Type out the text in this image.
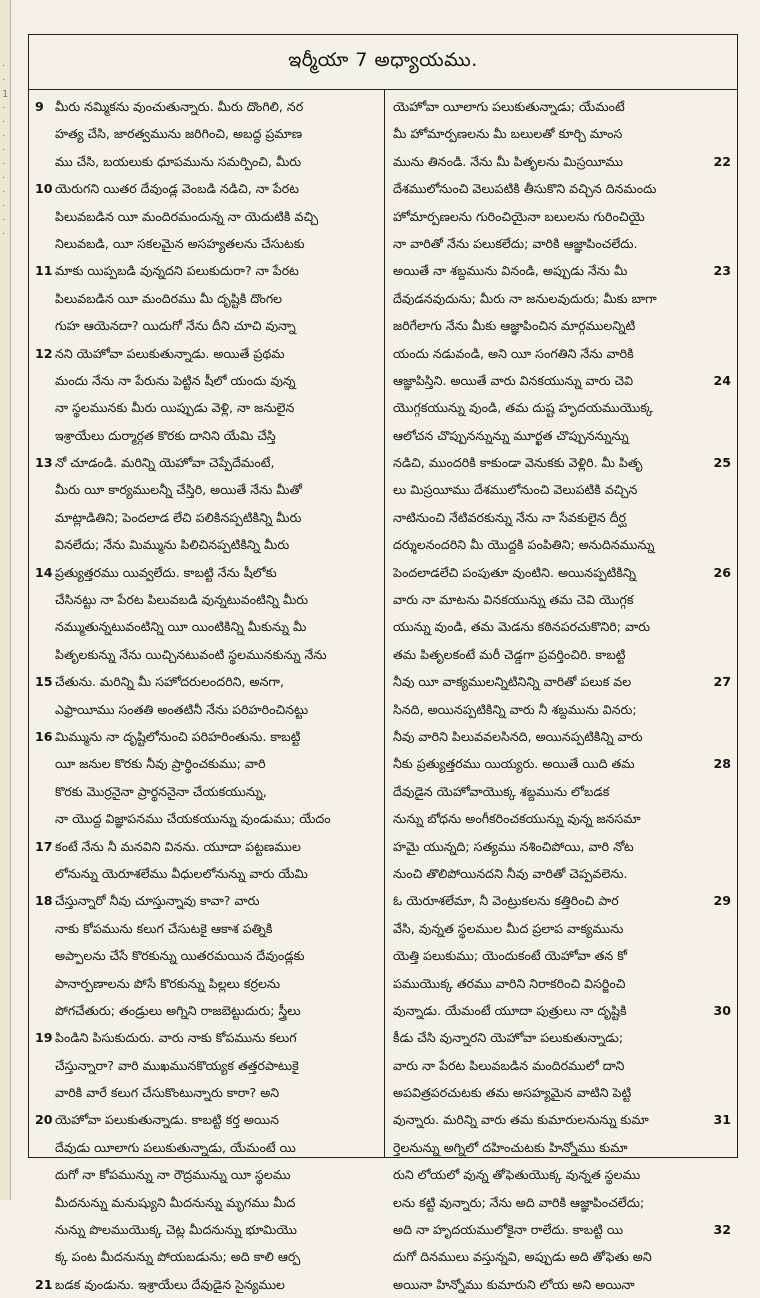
·
·
1
·
·
·
·
·
·
·
·
·
·
ఇర్మీయా 7 అధ్యాయము.
9 మీరు నమ్మికను వుంచుతున్నారు. మీరు దొంగిలి, నర
హత్య చేసి, జారత్వమును జరిగించి, అబద్ధ ప్రమాణ
ము చేసి, బయలుకు ధూపమును సమర్పించి, మీరు
10 యెరుగని యితర దేవుండ్ల వెంబడి నడిచి, నా పేరట
పిలువబడిన యీ మందిరమందున్న నా యెదుటికి వచ్చి
నిలువబడి, యీ సకలమైన అసహ్యతలను చేసుటకు
11 మాకు యిప్పబడి వున్నదని పలుకుదురా? నా పేరట
పిలువబడిన యీ మందిరము మీ దృష్టికి దొంగల
గుహ ఆయెనదా? యిదుగో నేను దీని చూచి వున్నా
12 నని యెహోవా పలుకుతున్నాడు. అయితే ప్రథమ
మందు నేను నా పేరును పెట్టిన షీలో యందు వున్న
నా స్థలమునకు మీరు యిప్పుడు వెళ్లి, నా జనులైన
ఇశ్రాయేలు దుర్మార్గత కొరకు దానిని యేమి చేస్తి
13 నో చూడండి. మరిన్ని యెహోవా చెప్పేదేమంటే,
మీరు యీ కార్యములన్నీ చేస్తిరి, అయితే నేను మీతో
మాట్లాడితిని; పెందలాడ లేచి పలికినప్పటికిన్ని మీరు
వినలేదు; నేను మిమ్మును పిలిచినప్పటికిన్ని మీరు
14 ప్రత్యుత్తరము యివ్వలేదు. కాబట్టి నేను షీలోకు
చేసినట్టు నా పేరట పిలువబడి వున్నటువంటిన్ని మీరు
నమ్ముతున్నటువంటిన్ని యీ యింటికిన్ని మీకున్ను మీ
పితృలకున్ను నేను యిచ్చినటువంటి స్థలమునకున్ను నేను
15 చేతును. మరిన్ని మీ సహోదరులందరిని, అనగా,
ఎఫ్రాయీము సంతతి అంతటినీ నేను పరిహరించినట్టు
16 మిమ్మును నా దృష్టిలోనుంచి పరిహరింతును. కాబట్టి
యీ జనుల కొరకు నీవు ప్రార్థించకుము; వారి
కొరకు మొర్రనైనా ప్రార్థననైనా చేయకయున్ను,
నా యొద్ద విజ్ఞాపనము చేయకయున్ను వుండుము; యేదం
17 కంటే నేను నీ మనవిని వినను. యూదా పట్టణముల
లోనున్ను యెరూశలేము వీధులలోనున్ను వారు యేమి
18 చేస్తున్నారో నీవు చూస్తున్నావు కావా? వారు
నాకు కోపమును కలుగ చేసుటకై ఆకాశ పత్నికి
అప్పాలను చేసే కొరకున్ను యితరమయిన దేవుండ్లకు
పానార్పణాలను పోసే కొరకున్ను పిల్లలు కర్రలను
పోగచేతురు; తండ్రులు అగ్నిని రాజబెట్టుదురు; స్త్రీలు
19 పిండిని పిసుకుదురు. వారు నాకు కోపమును కలుగ
చేస్తున్నారా? వారి ముఖమునకొయ్యక తత్తరపాటుకై
వారికి వారే కలుగ చేసుకొంటున్నారు కారా? అని
20 యెహోవా పలుకుతున్నాడు. కాబట్టి కర్త అయిన
దేవుడు యీలాగు పలుకుతున్నాడు, యేమంటే యి
దుగో నా కోపమున్ను నా రౌద్రమున్ను యీ స్థలము
మీదనున్ను మనుష్యుని మీదనున్ను మృగము మీద
నున్ను పొలముయొక్క చెట్ల మీదనున్ను భూమియొ
క్క పంట మీదనున్ను పోయబడును; అది కాలి ఆర్ప
21 బడక వుండును. ఇశ్రాయేలు దేవుడైన సైన్యముల
యెహోవా యీలాగు పలుకుతున్నాడు; యేమంటే
మీ హోమార్పణలను మీ బలులతో కూర్చి మాంస
22
మును తినండి. నేను మీ పితృలను మిస్రయీము
దేశములోనుంచి వెలుపటికి తీసుకొని వచ్చిన దినమందు
హోమార్పణలను గురించియైనా బలులను గురించియై
నా వారితో నేను పలుకలేదు; వారికి ఆజ్ఞాపించలేదు.
23
అయితే నా శబ్దమును వినండి, అప్పుడు నేను మీ
దేవుడనవుదును; మీరు నా జనులవుదురు; మీకు బాగా
జరిగేలాగు నేను మీకు ఆజ్ఞాపించిన మార్గములన్నిటి
యందు నడువండి, అని యీ సంగతిని నేను వారికి
24
ఆజ్ఞాపిస్తిని. అయితే వారు వినకయున్ను వారు చెవి
యొగ్గకయున్ను వుండి, తమ దుష్ట హృదయముయొక్క
ఆలోచన చొప్పునన్నున్ను మూర్ఖత చొప్పునన్నున్ను
25
నడిచి, ముందరికి కాకుండా వెనుకకు వెళ్లిరి. మీ పితృ
లు మిస్రయీము దేశములోనుంచి వెలుపటికి వచ్చిన
నాటినుంచి నేటివరకున్ను నేను నా సేవకులైన దీర్ఘ
దర్శులనందరిని మీ యొద్దకి పంపితిని; అనుదినమున్ను
26
పెందలాడలేచి పంపుతూ వుంటిని. అయినప్పటికిన్ని
వారు నా మాటను వినకయున్ను తమ చెవి యొగ్గక
యున్ను వుండి, తమ మెడను కఠినపరచుకొనిరి; వారు
తమ పితృలకంటే మరీ చెడ్డగా ప్రవర్తించిరి. కాబట్టి
27
నీవు యీ వాక్యములన్నిటినిన్ని వారితో పలుక వల
సినది, అయినప్పటికిన్ని వారు నీ శబ్దమును వినరు;
నీవు వారిని పిలువవలసినది, అయినప్పటికిన్ని వారు
28
నీకు ప్రత్యుత్తరము యియ్యరు. అయితే యిది తమ
దేవుడైన యెహోవాయొక్క శబ్దమును లోబడక
నున్ను బోధను అంగీకరించకయున్ను వున్న జనసమా
హమై యున్నది; సత్యము నశించిపోయి, వారి నోట
నుంచి తొలిపోయినదని నీవు వారితో చెప్పవలెను.
29
ఓ యెరూశలేమా, నీ వెంట్రుకలను కత్తిరించి పార
వేసి, వున్నత స్థలముల మీద ప్రలాప వాక్యమును
యెత్తి పలుకుము; యెందుకంటే యెహోవా తన కో
పముయొక్క తరము వారిని నిరాకరించి విసర్జించి
30
వున్నాడు. యేమంటే యూదా పుత్రులు నా దృష్టికి
కీడు చేసి వున్నారని యెహోవా పలుకుతున్నాడు;
వారు నా పేరట పిలువబడిన మందిరములో దాని
అపవిత్రపరచుటకు తమ అసహ్యమైన వాటిని పెట్టి
31
వున్నారు. మరిన్ని వారు తమ కుమారులనున్ను కుమా
ర్తెలనున్ను అగ్నిలో దహించుటకు హిన్నోము కుమా
రుని లోయలో వున్న తోఫెతుయొక్క వున్నత స్థలము
లను కట్టి వున్నారు; నేను అది వారికి ఆజ్ఞాపించలేదు;
32
అది నా హృదయములోకైనా రాలేదు. కాబట్టి యి
దుగో దినములు వస్తున్నవి, అప్పుడు అది తోఫెతు అని
అయినా హిన్నోము కుమారుని లోయ అని అయినా
